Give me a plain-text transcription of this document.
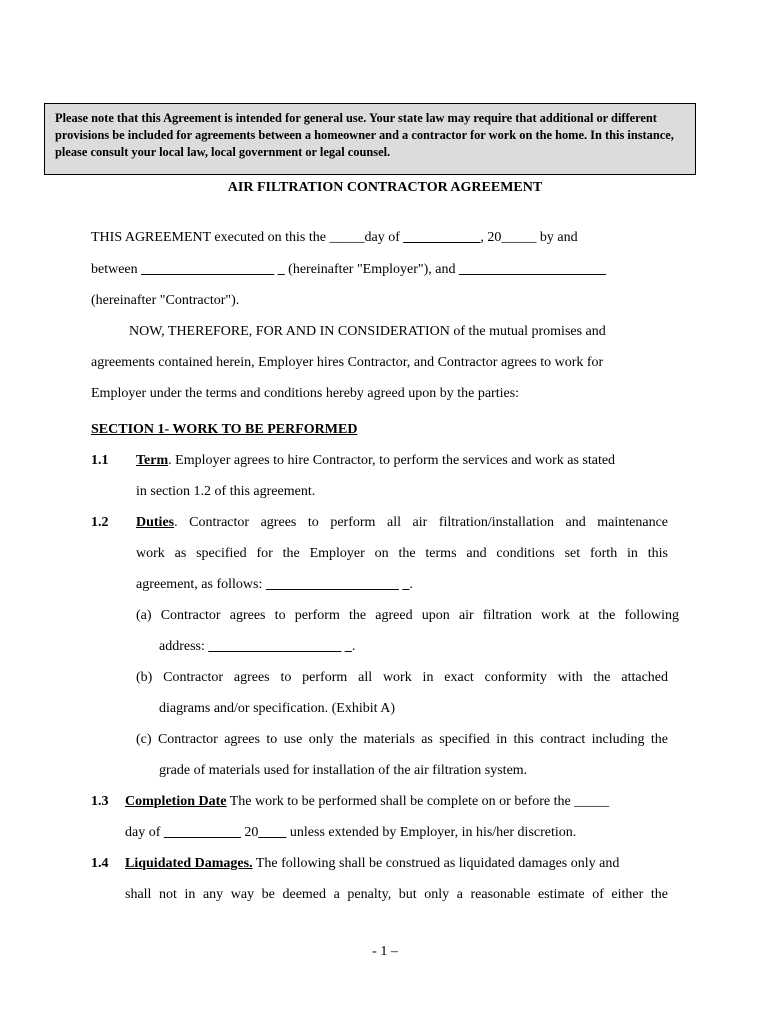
Please note that this Agreement is intended for general use. Your state law may require that additional or different provisions be included for agreements between a homeowner and a contractor for work on the home. In this instance, please consult your local law, local government or legal counsel.
AIR FILTRATION CONTRACTOR AGREEMENT
THIS AGREEMENT executed on this the _____day of ___________, 20_____ by and
between ___________________ _ (hereinafter "Employer"), and _____________________
(hereinafter "Contractor").
NOW, THEREFORE, FOR AND IN CONSIDERATION of the mutual promises and
agreements contained herein, Employer hires Contractor, and Contractor agrees to work for
Employer under the terms and conditions hereby agreed upon by the parties:
SECTION 1- WORK TO BE PERFORMED
1.1 Term. Employer agrees to hire Contractor, to perform the services and work as stated
in section 1.2 of this agreement.
1.2 Duties. Contractor agrees to perform all air filtration/installation and maintenance
work as specified for the Employer on the terms and conditions set forth in this
agreement, as follows: ___________________ _.
(a) Contractor agrees to perform the agreed upon air filtration work at the following
address: ___________________ _.
(b) Contractor agrees to perform all work in exact conformity with the attached
diagrams and/or specification. (Exhibit A)
(c) Contractor agrees to use only the materials as specified in this contract including the
grade of materials used for installation of the air filtration system.
1.3 Completion Date The work to be performed shall be complete on or before the _____
day of ___________ 20____ unless extended by Employer, in his/her discretion.
1.4 Liquidated Damages. The following shall be construed as liquidated damages only and
shall not in any way be deemed a penalty, but only a reasonable estimate of either the
- 1 –
